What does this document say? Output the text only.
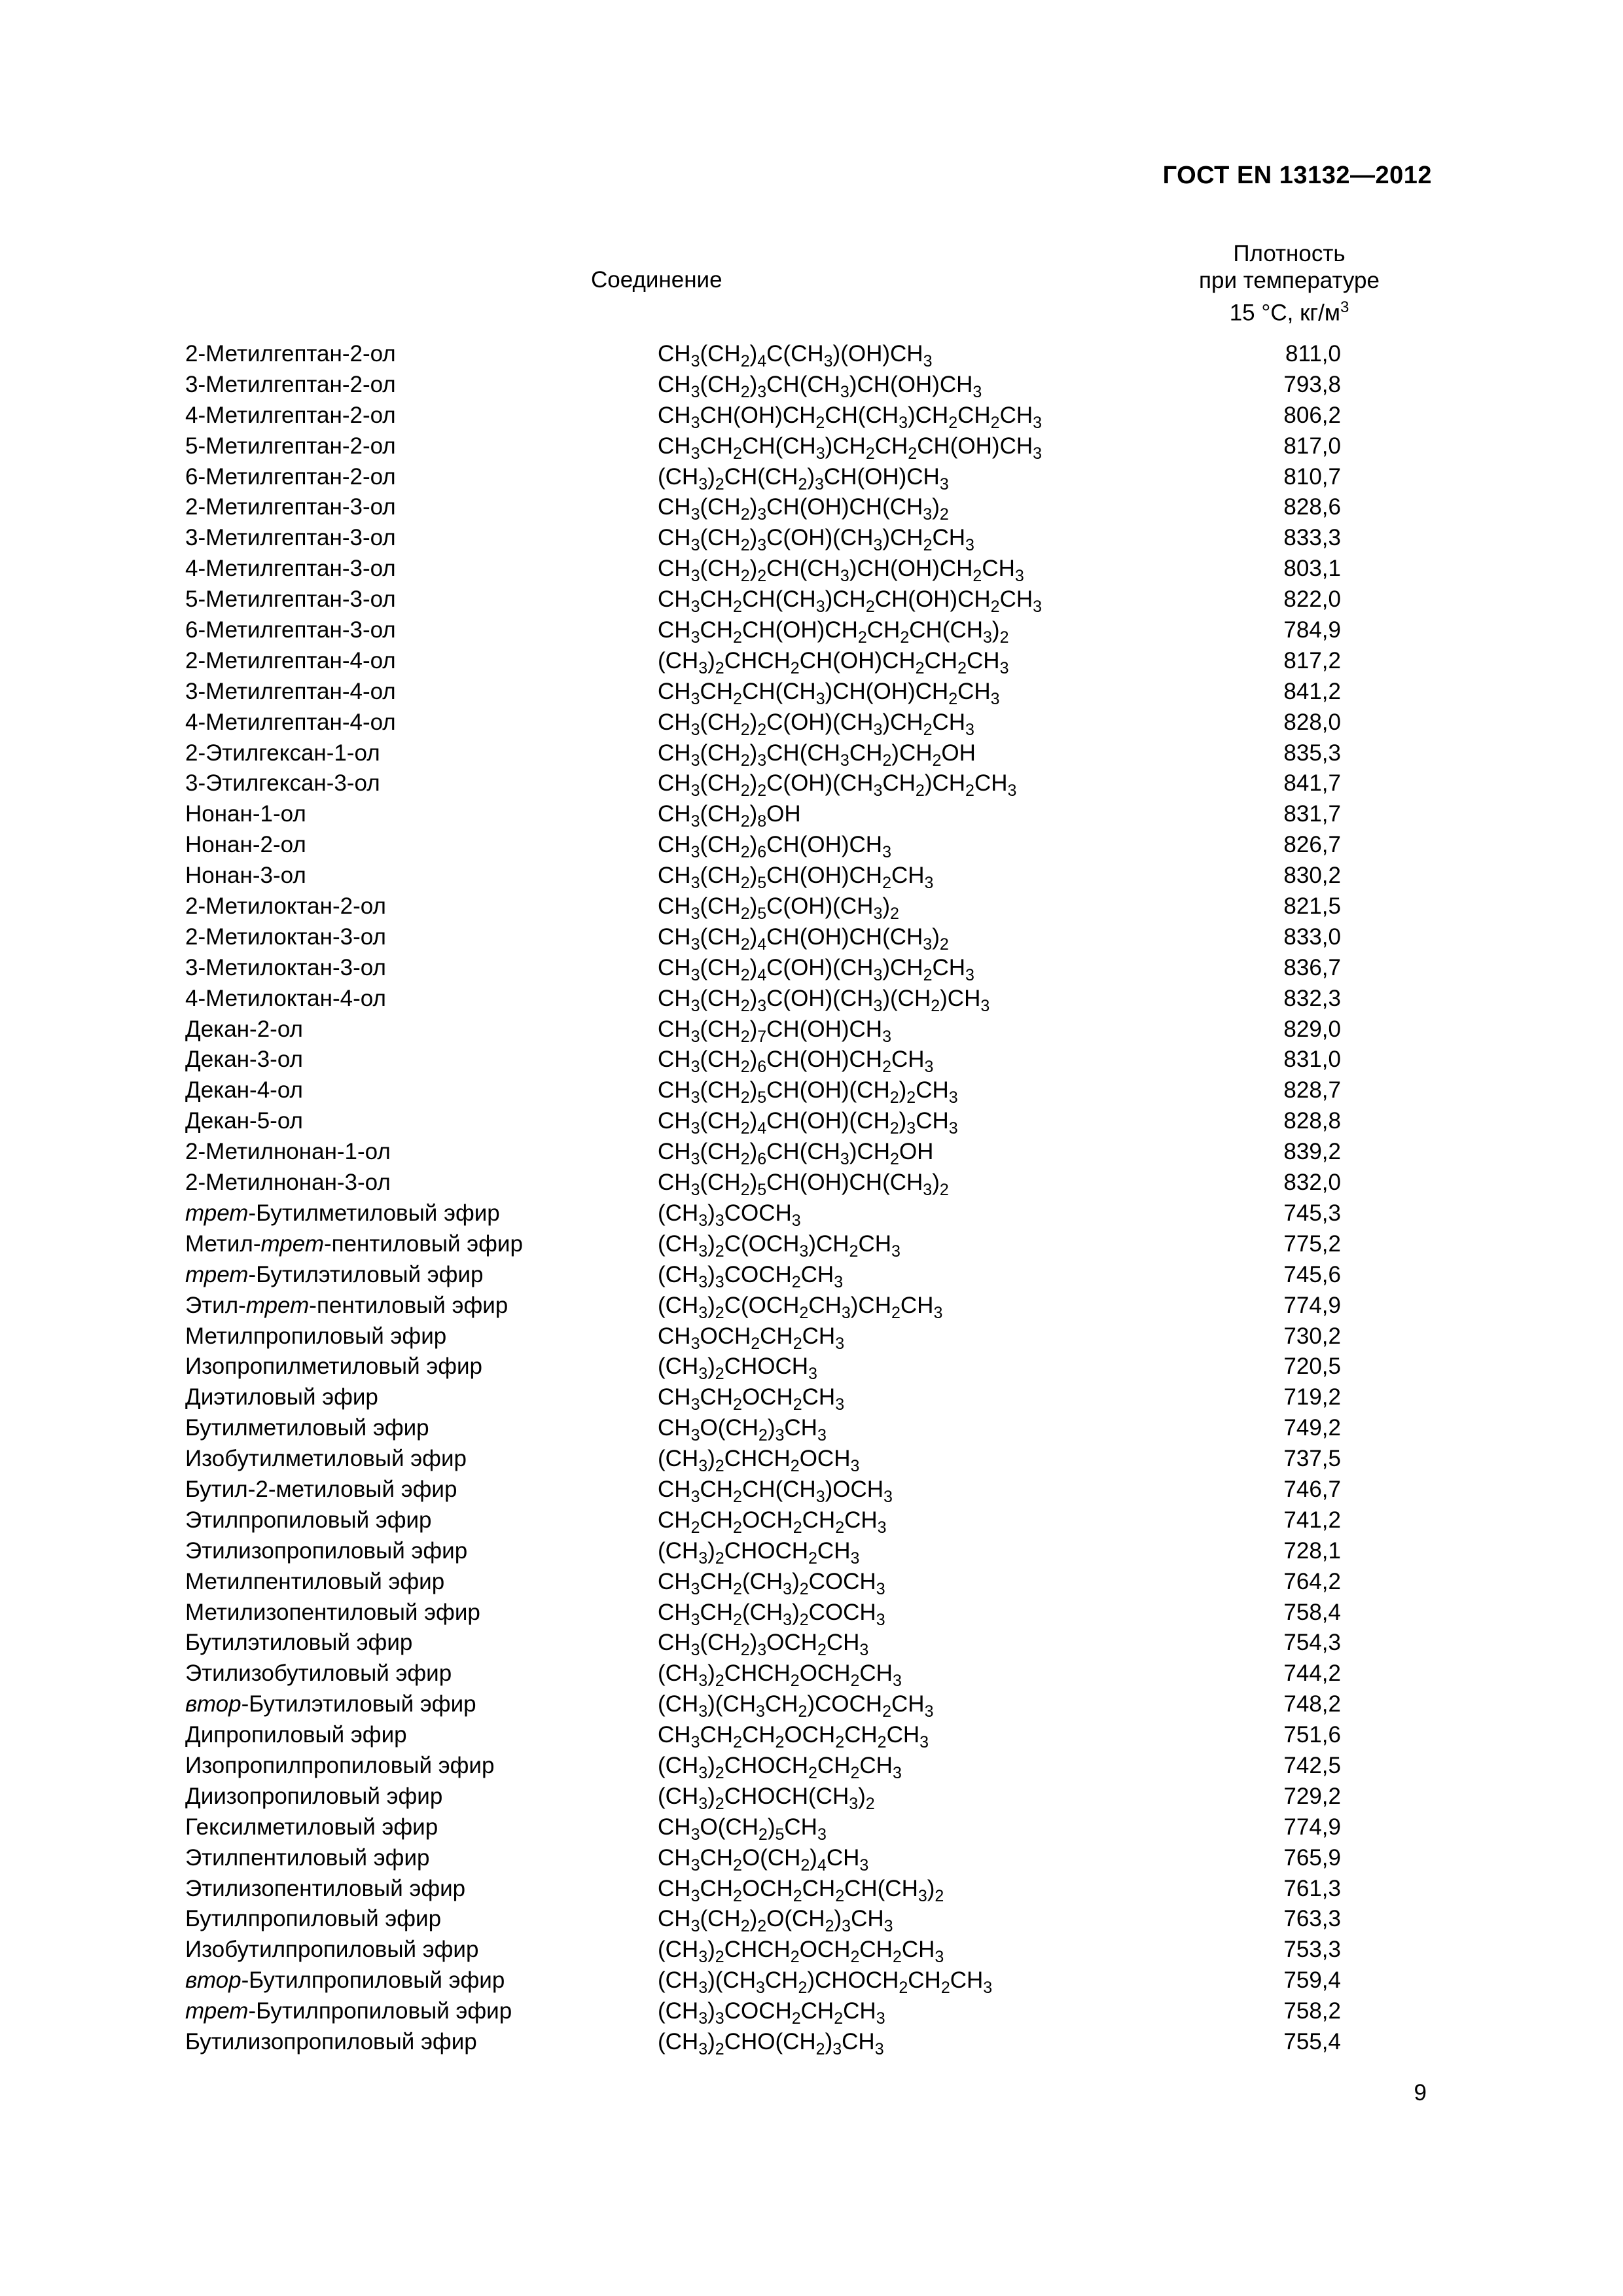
ГОСТ EN 13132—2012
Соединение
Плотность
при температуре
15 °C, $кг/м^3$
2-Метилгептан-2-ол	$CH_3(CH_2)_4C(CH_3)(OH)CH_3$	811,0
3-Метилгептан-2-ол	$CH_3(CH_2)_3CH(CH_3)CH(OH)CH_3$	793,8
4-Метилгептан-2-ол	$CH_3CH(OH)CH_2CH(CH_3)CH_2CH_2CH_3$	806,2
5-Метилгептан-2-ол	$CH_3CH_2CH(CH_3)CH_2CH_2CH(OH)CH_3$	817,0
6-Метилгептан-2-ол	$(CH_3)_2CH(CH_2)_3CH(OH)CH_3$	810,7
2-Метилгептан-3-ол	$CH_3(CH_2)_3CH(OH)CH(CH_3)_2$	828,6
3-Метилгептан-3-ол	$CH_3(CH_2)_3C(OH)(CH_3)CH_2CH_3$	833,3
4-Метилгептан-3-ол	$CH_3(CH_2)_2CH(CH_3)CH(OH)CH_2CH_3$	803,1
5-Метилгептан-3-ол	$CH_3CH_2CH(CH_3)CH_2CH(OH)CH_2CH_3$	822,0
6-Метилгептан-3-ол	$CH_3CH_2CH(OH)CH_2CH_2CH(CH_3)_2$	784,9
2-Метилгептан-4-ол	$(CH_3)_2CHCH_2CH(OH)CH_2CH_2CH_3$	817,2
3-Метилгептан-4-ол	$CH_3CH_2CH(CH_3)CH(OH)CH_2CH_3$	841,2
4-Метилгептан-4-ол	$CH_3(CH_2)_2C(OH)(CH_3)CH_2CH_3$	828,0
2-Этилгексан-1-ол	$CH_3(CH_2)_3CH(CH_3CH_2)CH_2OH$	835,3
3-Этилгексан-3-ол	$CH_3(CH_2)_2C(OH)(CH_3CH_2)CH_2CH_3$	841,7
Нонан-1-ол	$CH_3(CH_2)_8OH$	831,7
Нонан-2-ол	$CH_3(CH_2)_6CH(OH)CH_3$	826,7
Нонан-3-ол	$CH_3(CH_2)_5CH(OH)CH_2CH_3$	830,2
2-Метилоктан-2-ол	$CH_3(CH_2)_5C(OH)(CH_3)_2$	821,5
2-Метилоктан-3-ол	$CH_3(CH_2)_4CH(OH)CH(CH_3)_2$	833,0
3-Метилоктан-3-ол	$CH_3(CH_2)_4C(OH)(CH_3)CH_2CH_3$	836,7
4-Метилоктан-4-ол	$CH_3(CH_2)_3C(OH)(CH_3)(CH_2)CH_3$	832,3
Декан-2-ол	$CH_3(CH_2)_7CH(OH)CH_3$	829,0
Декан-3-ол	$CH_3(CH_2)_6CH(OH)CH_2CH_3$	831,0
Декан-4-ол	$CH_3(CH_2)_5CH(OH)(CH_2)_2CH_3$	828,7
Декан-5-ол	$CH_3(CH_2)_4CH(OH)(CH_2)_3CH_3$	828,8
2-Метилнонан-1-ол	$CH_3(CH_2)_6CH(CH_3)CH_2OH$	839,2
2-Метилнонан-3-ол	$CH_3(CH_2)_5CH(OH)CH(CH_3)_2$	832,0
трет-Бутилметиловый эфир	$(CH_3)_3COCH_3$	745,3
Метил-трет-пентиловый эфир	$(CH_3)_2C(OCH_3)CH_2CH_3$	775,2
трет-Бутилэтиловый эфир	$(CH_3)_3COCH_2CH_3$	745,6
Этил-трет-пентиловый эфир	$(CH_3)_2C(OCH_2CH_3)CH_2CH_3$	774,9
Метилпропиловый эфир	$CH_3OCH_2CH_2CH_3$	730,2
Изопропилметиловый эфир	$(CH_3)_2CHOCH_3$	720,5
Диэтиловый эфир	$CH_3CH_2OCH_2CH_3$	719,2
Бутилметиловый эфир	$CH_3O(CH_2)_3CH_3$	749,2
Изобутилметиловый эфир	$(CH_3)_2CHCH_2OCH_3$	737,5
Бутил-2-метиловый эфир	$CH_3CH_2CH(CH_3)OCH_3$	746,7
Этилпропиловый эфир	$CH_2CH_2OCH_2CH_2CH_3$	741,2
Этилизопропиловый эфир	$(CH_3)_2CHOCH_2CH_3$	728,1
Метилпентиловый эфир	$CH_3CH_2(CH_3)_2COCH_3$	764,2
Метилизопентиловый эфир	$CH_3CH_2(CH_3)_2COCH_3$	758,4
Бутилэтиловый эфир	$CH_3(CH_2)_3OCH_2CH_3$	754,3
Этилизобутиловый эфир	$(CH_3)_2CHCH_2OCH_2CH_3$	744,2
втор-Бутилэтиловый эфир	$(CH_3)(CH_3CH_2)COCH_2CH_3$	748,2
Дипропиловый эфир	$CH_3CH_2CH_2OCH_2CH_2CH_3$	751,6
Изопропилпропиловый эфир	$(CH_3)_2CHOCH_2CH_2CH_3$	742,5
Диизопропиловый эфир	$(CH_3)_2CHOCH(CH_3)_2$	729,2
Гексилметиловый эфир	$CH_3O(CH_2)_5CH_3$	774,9
Этилпентиловый эфир	$CH_3CH_2O(CH_2)_4CH_3$	765,9
Этилизопентиловый эфир	$CH_3CH_2OCH_2CH_2CH(CH_3)_2$	761,3
Бутилпропиловый эфир	$CH_3(CH_2)_2O(CH_2)_3CH_3$	763,3
Изобутилпропиловый эфир	$(CH_3)_2CHCH_2OCH_2CH_2CH_3$	753,3
втор-Бутилпропиловый эфир	$(CH_3)(CH_3CH_2)CHOCH_2CH_2CH_3$	759,4
трет-Бутилпропиловый эфир	$(CH_3)_3COCH_2CH_2CH_3$	758,2
Бутилизопропиловый эфир	$(CH_3)_2CHO(CH_2)_3CH_3$	755,4
9
